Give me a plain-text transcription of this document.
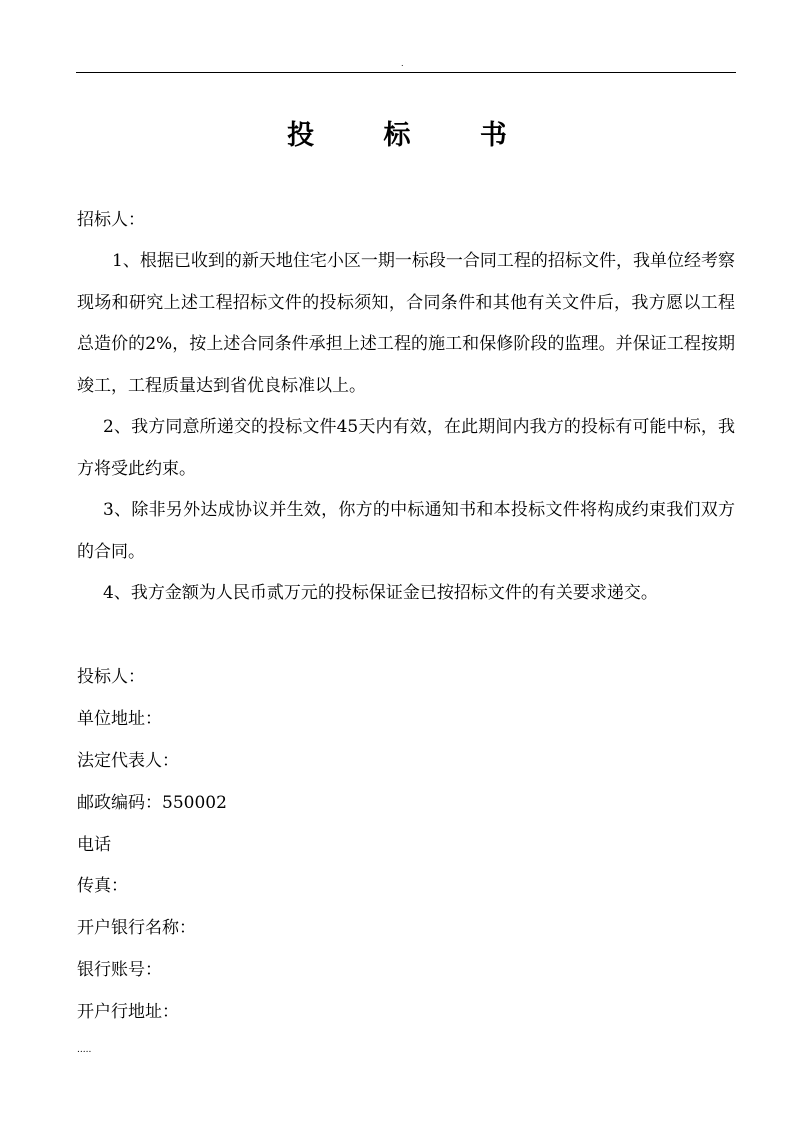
.
投 标 书
招标人：

1、根据已收到的新天地住宅小区一期一标段一合同工程的招标文件，我单位经考察现场和研究上述工程招标文件的投标须知，合同条件和其他有关文件后，我方愿以工程总造价的2%，按上述合同条件承担上述工程的施工和保修阶段的监理。并保证工程按期竣工，工程质量达到省优良标准以上。

2、我方同意所递交的投标文件45天内有效，在此期间内我方的投标有可能中标，我方将受此约束。

3、除非另外达成协议并生效，你方的中标通知书和本投标文件将构成约束我们双方的合同。

4、我方金额为人民币贰万元的投标保证金已按招标文件的有关要求递交。

投标人：
单位地址：
法定代表人：
邮政编码：550002
电话
传真：
开户银行名称：
银行账号：
开户行地址：
.....
